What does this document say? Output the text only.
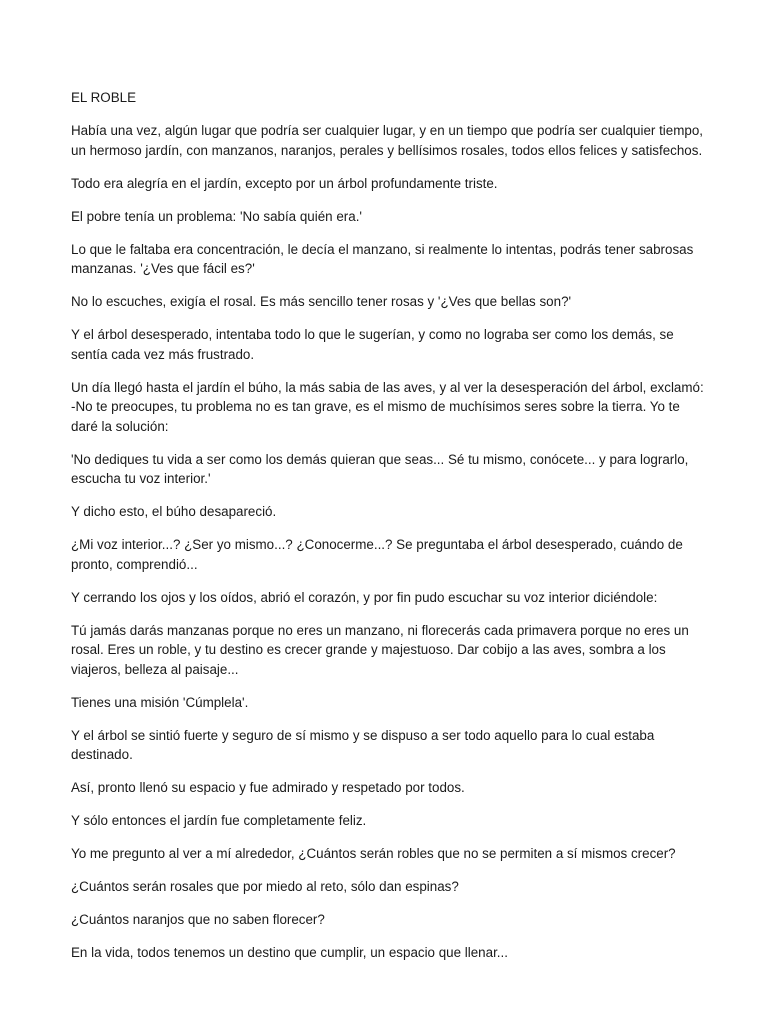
EL ROBLE

Había una vez, algún lugar que podría ser cualquier lugar, y en un tiempo que podría ser cualquier tiempo, un hermoso jardín, con manzanos, naranjos, perales y bellísimos rosales, todos ellos felices y satisfechos.

Todo era alegría en el jardín, excepto por un árbol profundamente triste.

El pobre tenía un problema: 'No sabía quién era.'

Lo que le faltaba era concentración, le decía el manzano, si realmente lo intentas, podrás tener sabrosas manzanas. '¿Ves que fácil es?'

No lo escuches, exigía el rosal. Es más sencillo tener rosas y '¿Ves que bellas son?'

Y el árbol desesperado, intentaba todo lo que le sugerían, y como no lograba ser como los demás, se sentía cada vez más frustrado.

Un día llegó hasta el jardín el búho, la más sabia de las aves, y al ver la desesperación del árbol, exclamó: -No te preocupes, tu problema no es tan grave, es el mismo de muchísimos seres sobre la tierra. Yo te daré la solución:

'No dediques tu vida a ser como los demás quieran que seas... Sé tu mismo, conócete... y para lograrlo, escucha tu voz interior.'

Y dicho esto, el búho desapareció.

¿Mi voz interior...? ¿Ser yo mismo...? ¿Conocerme...? Se preguntaba el árbol desesperado, cuándo de pronto, comprendió...

Y cerrando los ojos y los oídos, abrió el corazón, y por fin pudo escuchar su voz interior diciéndole:

Tú jamás darás manzanas porque no eres un manzano, ni florecerás cada primavera porque no eres un rosal. Eres un roble, y tu destino es crecer grande y majestuoso. Dar cobijo a las aves, sombra a los viajeros, belleza al paisaje...

Tienes una misión 'Cúmplela'.

Y el árbol se sintió fuerte y seguro de sí mismo y se dispuso a ser todo aquello para lo cual estaba destinado.

Así, pronto llenó su espacio y fue admirado y respetado por todos.

Y sólo entonces el jardín fue completamente feliz.

Yo me pregunto al ver a mí alrededor, ¿Cuántos serán robles que no se permiten a sí mismos crecer?

¿Cuántos serán rosales que por miedo al reto, sólo dan espinas?

¿Cuántos naranjos que no saben florecer?

En la vida, todos tenemos un destino que cumplir, un espacio que llenar...
